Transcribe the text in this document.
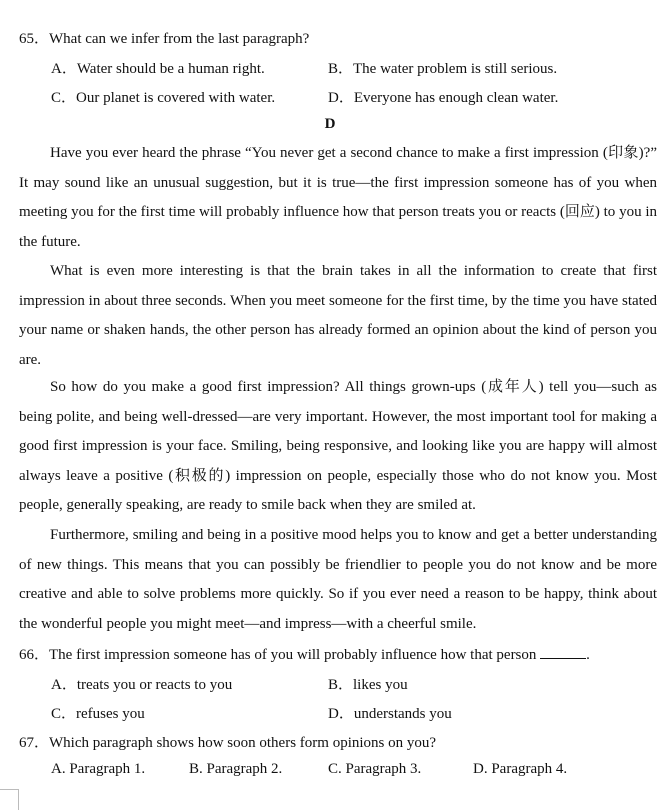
65．What can we infer from the last paragraph?
A．Water should be a human right.	B．The water problem is still serious.
C．Our planet is covered with water.	D．Everyone has enough clean water.
D
Have you ever heard the phrase “You never get a second chance to make a first impression (印象)?” It may sound like an unusual suggestion, but it is true—the first impression someone has of you when meeting you for the first time will probably influence how that person treats you or reacts (回应) to you in the future.
What is even more interesting is that the brain takes in all the information to create that first impression in about three seconds. When you meet someone for the first time, by the time you have stated your name or shaken hands, the other person has already formed an opinion about the kind of person you are.
So how do you make a good first impression? All things grown-ups (成年人) tell you—such as being polite, and being well-dressed—are very important. However, the most important tool for making a good first impression is your face. Smiling, being responsive, and looking like you are happy will almost always leave a positive (积极的) impression on people, especially those who do not know you. Most people, generally speaking, are ready to smile back when they are smiled at.
Furthermore, smiling and being in a positive mood helps you to know and get a better understanding of new things. This means that you can possibly be friendlier to people you do not know and be more creative and able to solve problems more quickly. So if you ever need a reason to be happy, think about the wonderful people you might meet—and impress—with a cheerful smile.
66．The first impression someone has of you will probably influence how that person	.
A．treats you or reacts to you	B．likes you
C．refuses you	D．understands you
67．Which paragraph shows how soon others form opinions on you?
A. Paragraph 1.	B. Paragraph 2.	C. Paragraph 3.	D. Paragraph 4.
